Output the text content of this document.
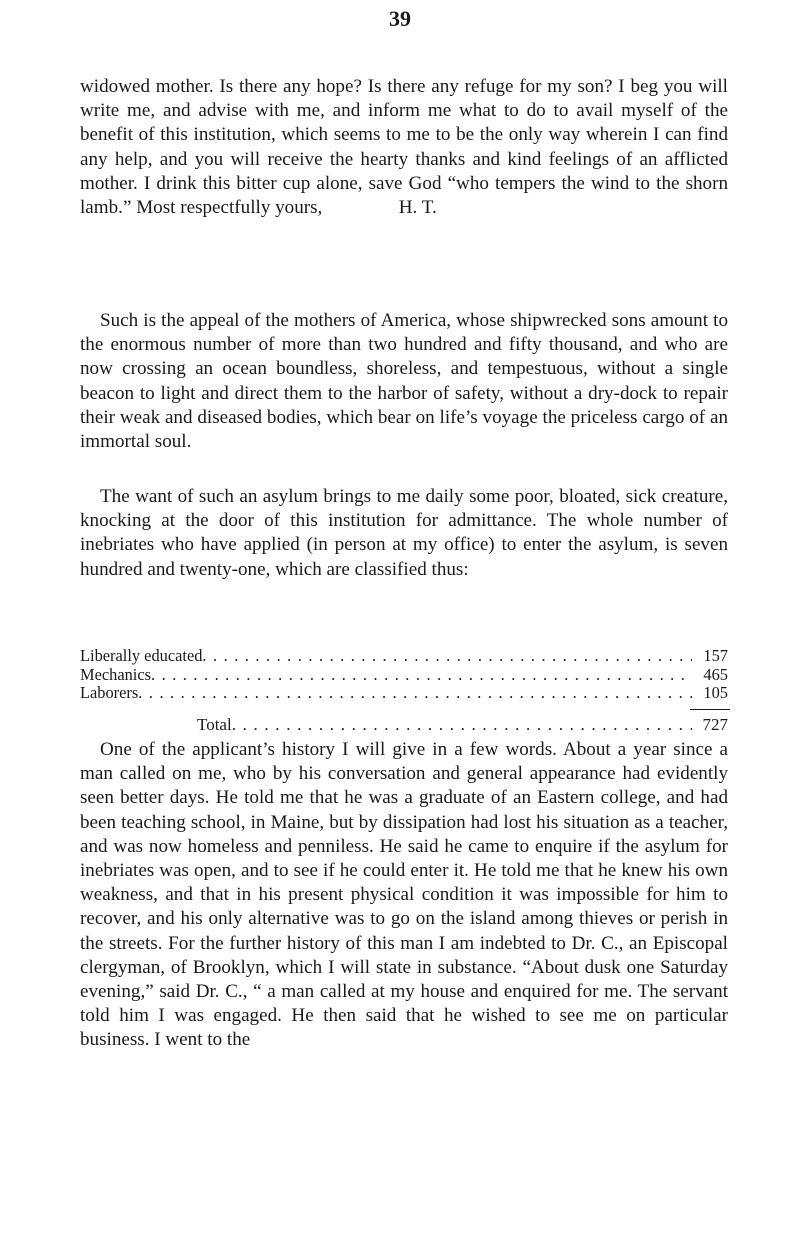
39

widowed mother. Is there any hope? Is there any refuge for my son? I beg you will write me, and advise with me, and inform me what to do to avail myself of the benefit of this institution, which seems to me to be the only way wherein I can find any help, and you will receive the hearty thanks and kind feelings of an afflicted mother. I drink this bitter cup alone, save God “who tempers the wind to the shorn lamb.” Most respectfully yours,                H. T.

Such is the appeal of the mothers of America, whose shipwrecked sons amount to the enormous number of more than two hundred and fifty thousand, and who are now crossing an ocean boundless, shoreless, and tempestuous, without a single beacon to light and direct them to the harbor of safety, without a dry-dock to repair their weak and diseased bodies, which bear on life’s voyage the priceless cargo of an immortal soul.

The want of such an asylum brings to me daily some poor, bloated, sick creature, knocking at the door of this institution for admittance. The whole number of inebriates who have applied (in person at my office) to enter the asylum, is seven hundred and twenty-one, which are classified thus:

Liberally educated . . .	157
Mechanics . . .	465
Laborers . . .	105
Total . . .	727

One of the applicant’s history I will give in a few words. About a year since a man called on me, who by his conversation and general appearance had evidently seen better days. He told me that he was a graduate of an Eastern college, and had been teaching school, in Maine, but by dissipation had lost his situation as a teacher, and was now homeless and penniless. He said he came to enquire if the asylum for inebriates was open, and to see if he could enter it. He told me that he knew his own weakness, and that in his present physical condition it was impossible for him to recover, and his only alternative was to go on the island among thieves or perish in the streets. For the further history of this man I am indebted to Dr. C., an Episcopal clergyman, of Brooklyn, which I will state in substance. “About dusk one Saturday evening,” said Dr. C., “ a man called at my house and enquired for me. The servant told him I was engaged. He then said that he wished to see me on particular business. I went to the
